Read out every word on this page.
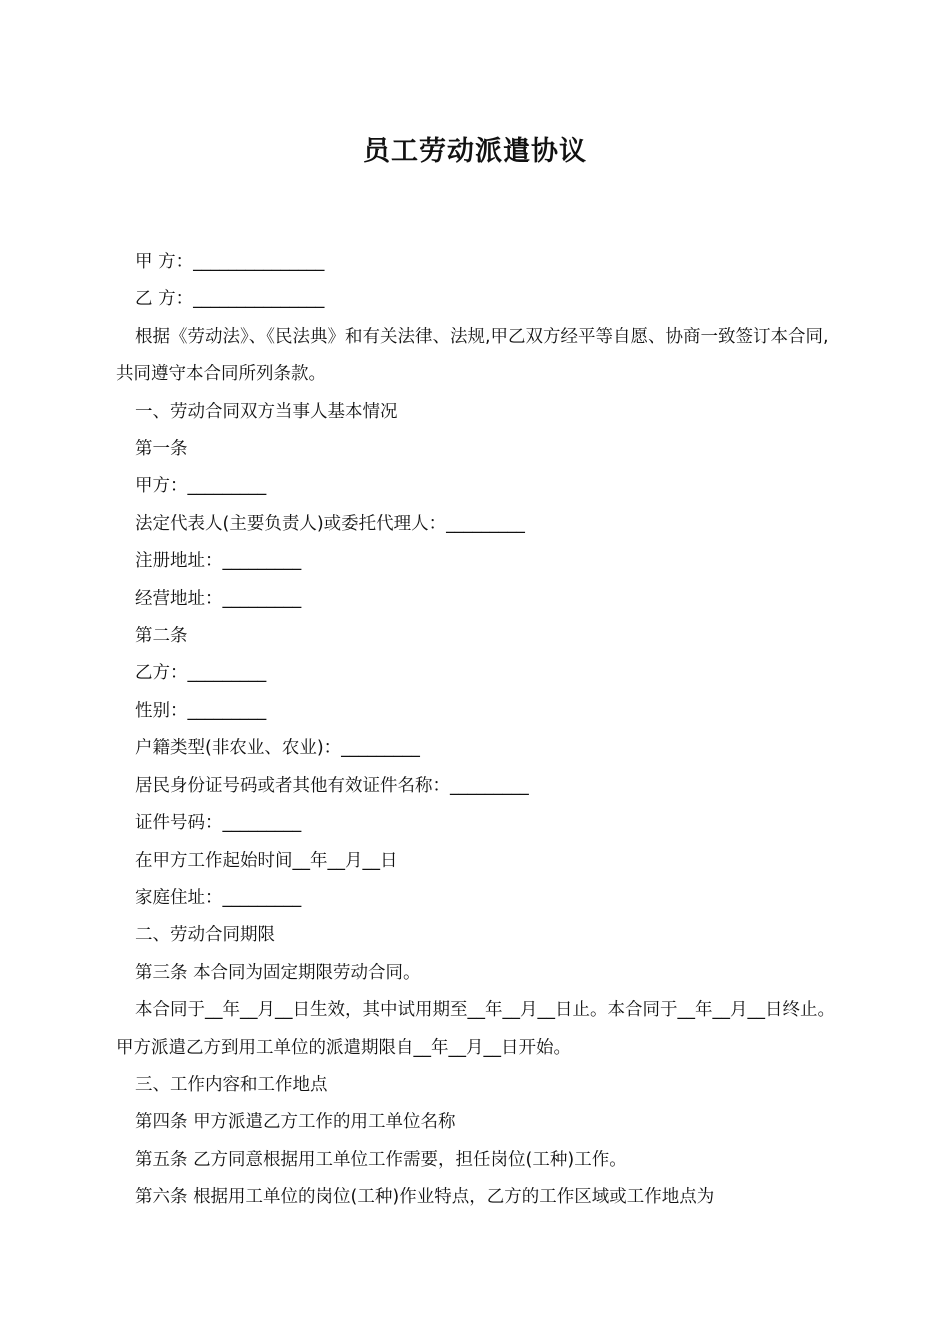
员工劳动派遣协议

甲 方：_______________

乙 方：_______________

根据《劳动法》、《民法典》和有关法律、法规,甲乙双方经平等自愿、协商一致签订本合同,共同遵守本合同所列条款。

一、劳动合同双方当事人基本情况

第一条

甲方：_________

法定代表人(主要负责人)或委托代理人：_________

注册地址：_________

经营地址：_________

第二条

乙方：_________

性别：_________

户籍类型(非农业、农业)：_________

居民身份证号码或者其他有效证件名称：_________

证件号码：_________

在甲方工作起始时间__年__月__日

家庭住址：_________

二、劳动合同期限

第三条 本合同为固定期限劳动合同。

本合同于__年__月__日生效，其中试用期至__年__月__日止。本合同于__年__月__日终止。甲方派遣乙方到用工单位的派遣期限自__年__月__日开始。

三、工作内容和工作地点

第四条 甲方派遣乙方工作的用工单位名称

第五条 乙方同意根据用工单位工作需要，担任岗位(工种)工作。

第六条 根据用工单位的岗位(工种)作业特点，乙方的工作区域或工作地点为
